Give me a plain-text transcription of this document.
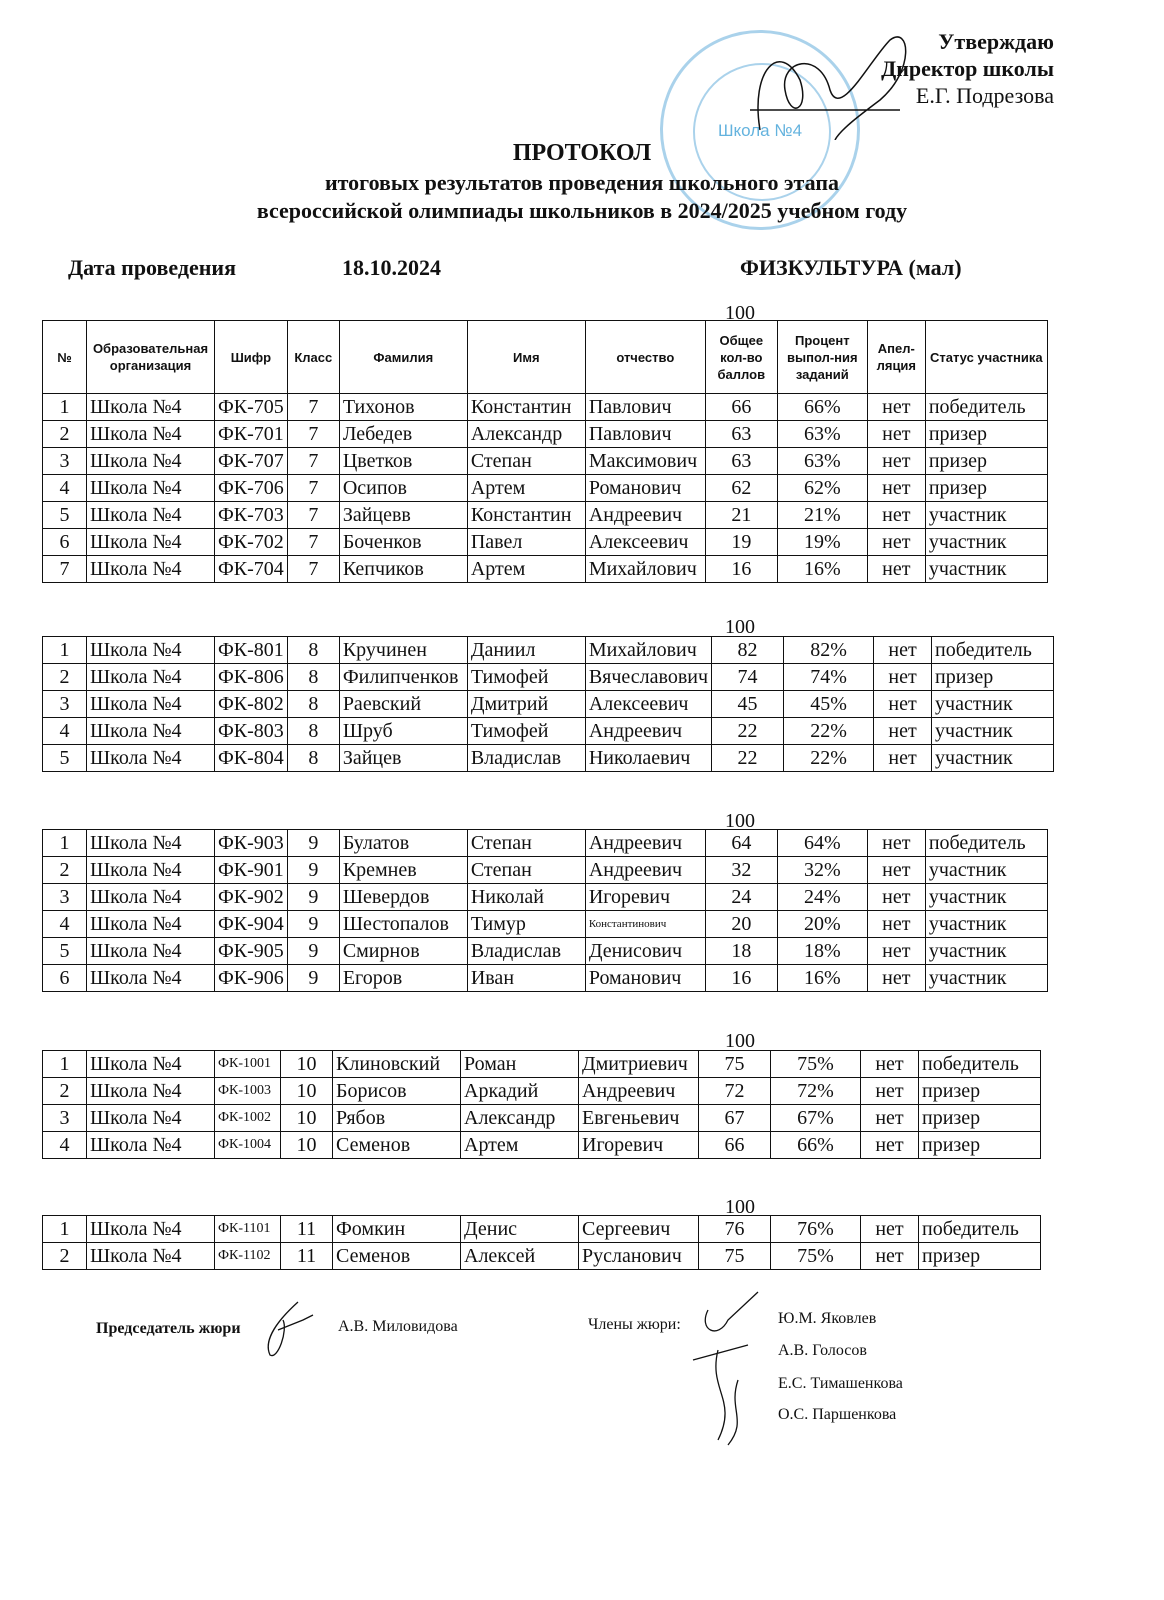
Школа №4
Утверждаю
Директор школы
Е.Г. Подрезова
ПРОТОКОЛ
итоговых результатов проведения школьного этапа
всероссийской олимпиады школьников в 2024/2025 учебном году
Дата проведения	18.10.2024	ФИЗКУЛЬТУРА (мал)
100
№	Образовательная организация	Шифр	Класс	Фамилия	Имя	отчество	Общее кол-во баллов	Процент выпол-ния заданий	Апел-ляция	Статус участника
1	Школа №4	ФК-705	7	Тихонов	Константин	Павлович	66	66%	нет	победитель
2	Школа №4	ФК-701	7	Лебедев	Александр	Павлович	63	63%	нет	призер
3	Школа №4	ФК-707	7	Цветков	Степан	Максимович	63	63%	нет	призер
4	Школа №4	ФК-706	7	Осипов	Артем	Романович	62	62%	нет	призер
5	Школа №4	ФК-703	7	Зайцевв	Константин	Андреевич	21	21%	нет	участник
6	Школа №4	ФК-702	7	Боченков	Павел	Алексеевич	19	19%	нет	участник
7	Школа №4	ФК-704	7	Кепчиков	Артем	Михайлович	16	16%	нет	участник
100
1	Школа №4	ФК-801	8	Кручинен	Даниил	Михайлович	82	82%	нет	победитель
2	Школа №4	ФК-806	8	Филипченков	Тимофей	Вячеславович	74	74%	нет	призер
3	Школа №4	ФК-802	8	Раевский	Дмитрий	Алексеевич	45	45%	нет	участник
4	Школа №4	ФК-803	8	Шруб	Тимофей	Андреевич	22	22%	нет	участник
5	Школа №4	ФК-804	8	Зайцев	Владислав	Николаевич	22	22%	нет	участник
100
1	Школа №4	ФК-903	9	Булатов	Степан	Андреевич	64	64%	нет	победитель
2	Школа №4	ФК-901	9	Кремнев	Степан	Андреевич	32	32%	нет	участник
3	Школа №4	ФК-902	9	Шевердов	Николай	Игоревич	24	24%	нет	участник
4	Школа №4	ФК-904	9	Шестопалов	Тимур	Константинович	20	20%	нет	участник
5	Школа №4	ФК-905	9	Смирнов	Владислав	Денисович	18	18%	нет	участник
6	Школа №4	ФК-906	9	Егоров	Иван	Романович	16	16%	нет	участник
100
1	Школа №4	ФК-1001	10	Клиновский	Роман	Дмитриевич	75	75%	нет	победитель
2	Школа №4	ФК-1003	10	Борисов	Аркадий	Андреевич	72	72%	нет	призер
3	Школа №4	ФК-1002	10	Рябов	Александр	Евгеньевич	67	67%	нет	призер
4	Школа №4	ФК-1004	10	Семенов	Артем	Игоревич	66	66%	нет	призер
100
1	Школа №4	ФК-1101	11	Фомкин	Денис	Сергеевич	76	76%	нет	победитель
2	Школа №4	ФК-1102	11	Семенов	Алексей	Русланович	75	75%	нет	призер
Председатель жюри	А.В. Миловидова	Члены жюри:	Ю.М. Яковлев
А.В. Голосов
Е.С. Тимашенкова
О.С. Паршенкова
